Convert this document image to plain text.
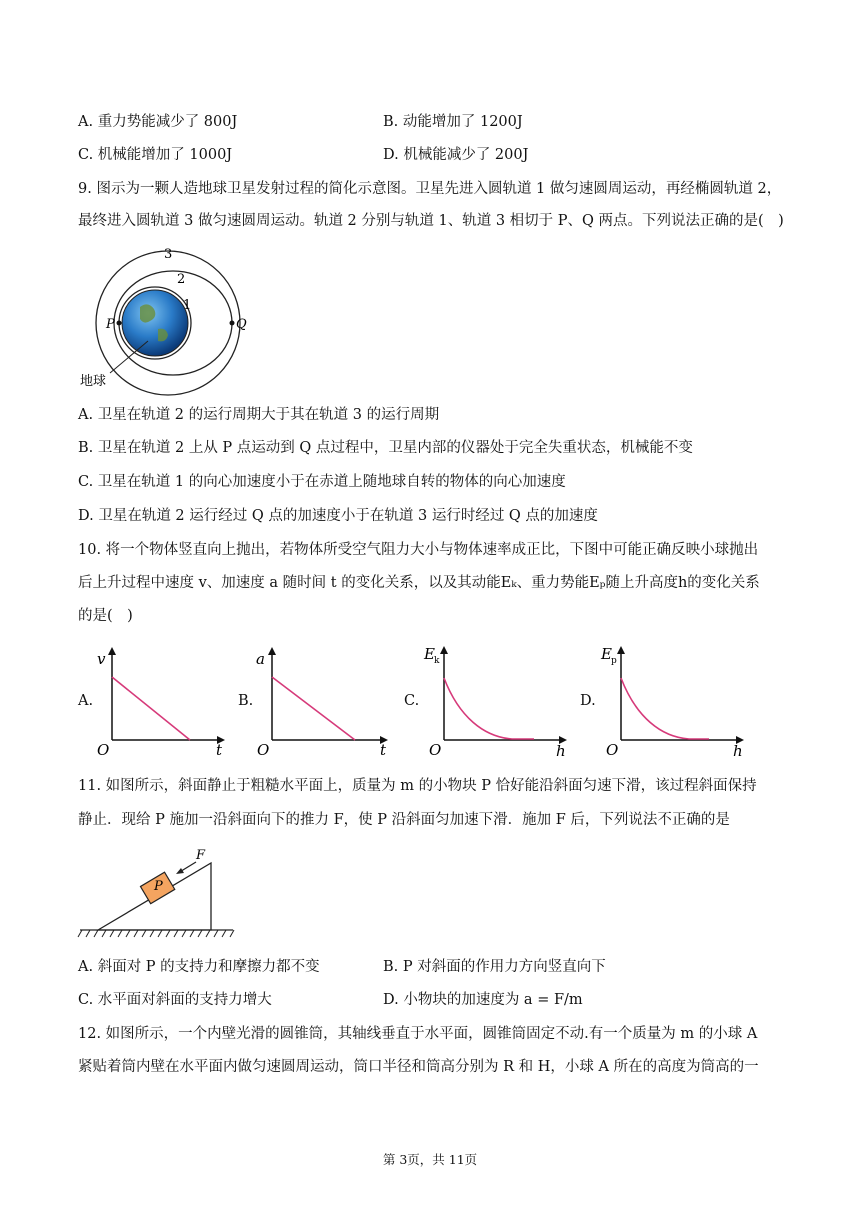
A. 重力势能减少了 800J	B. 动能增加了 1200J
C. 机械能增加了 1000J	D. 机械能减少了 200J
9. 图示为一颗人造地球卫星发射过程的简化示意图。卫星先进入圆轨道 1 做匀速圆周运动，再经椭圆轨道 2，
最终进入圆轨道 3 做匀速圆周运动。轨道 2 分别与轨道 1、轨道 3 相切于 P、Q 两点。下列说法正确的是(　)
3
2
1
P	Q
地球
A. 卫星在轨道 2 的运行周期大于其在轨道 3 的运行周期
B. 卫星在轨道 2 上从 P 点运动到 Q 点过程中，卫星内部的仪器处于完全失重状态，机械能不变
C. 卫星在轨道 1 的向心加速度小于在赤道上随地球自转的物体的向心加速度
D. 卫星在轨道 2 运行经过 Q 点的加速度小于在轨道 3 运行时经过 Q 点的加速度
10. 将一个物体竖直向上抛出，若物体所受空气阻力大小与物体速率成正比，下图中可能正确反映小球抛出
后上升过程中速度 v、加速度 a 随时间 t 的变化关系，以及其动能Eₖ、重力势能Eₚ随上升高度h的变化关系
的是(　)
A.
v
t
O
B.
a
t
O
C.
E k
h
O
D.
E p
h
O
11. 如图所示，斜面静止于粗糙水平面上，质量为 m 的小物块 P 恰好能沿斜面匀速下滑，该过程斜面保持
静止．现给 P 施加一沿斜面向下的推力 F，使 P 沿斜面匀加速下滑．施加 F 后，下列说法不正确的是
P
F
A. 斜面对 P 的支持力和摩擦力都不变	B. P 对斜面的作用力方向竖直向下
C. 水平面对斜面的支持力增大	D. 小物块的加速度为 a = F/m
12. 如图所示，一个内壁光滑的圆锥筒，其轴线垂直于水平面，圆锥筒固定不动.有一个质量为 m 的小球 A
紧贴着筒内壁在水平面内做匀速圆周运动，筒口半径和筒高分别为 R 和 H，小球 A 所在的高度为筒高的一
第 3页，共 11页
